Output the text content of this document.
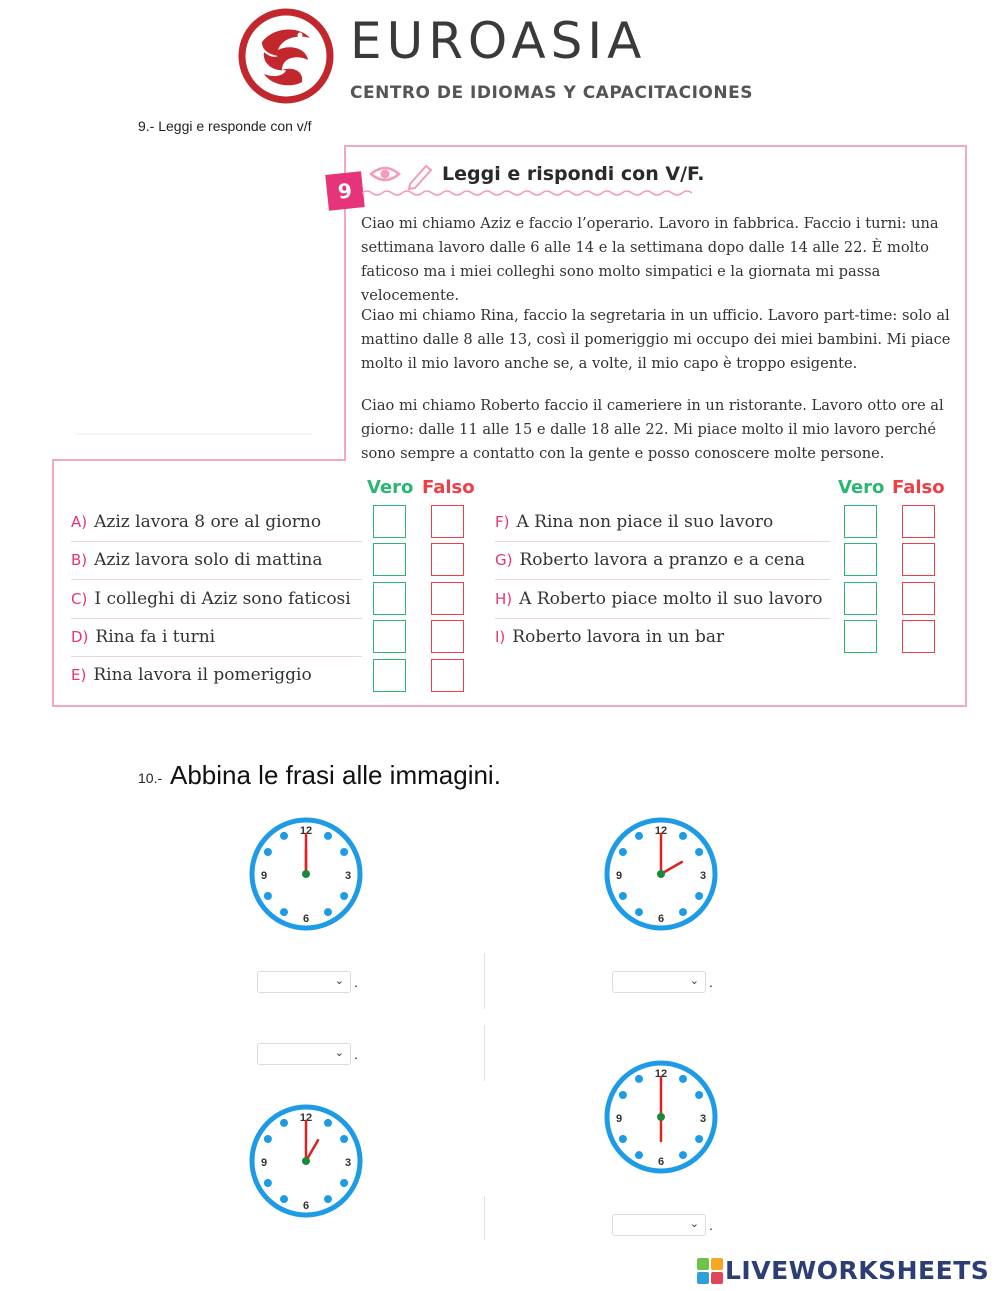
EUROASIA
CENTRO DE IDIOMAS Y CAPACITACIONES
9.- Leggi e responde con v/f
9
Leggi e rispondi con V/F.

Ciao mi chiamo Aziz e faccio l’operario. Lavoro in fabbrica. Faccio i turni: una settimana lavoro dalle 6 alle 14 e la settimana dopo dalle 14 alle 22. È molto faticoso ma i miei colleghi sono molto simpatici e la giornata mi passa velocemente.

Ciao mi chiamo Rina, faccio la segretaria in un ufficio. Lavoro part-time: solo al mattino dalle 8 alle 13, così il pomeriggio mi occupo dei miei bambini. Mi piace molto il mio lavoro anche se, a volte, il mio capo è troppo esigente.

Ciao mi chiamo Roberto faccio il cameriere in un ristorante. Lavoro otto ore al giorno: dalle 11 alle 15 e dalle 18 alle 22. Mi piace molto il mio lavoro perché sono sempre a contatto con la gente e posso conoscere molte persone.

Vero Falso	Vero Falso
A) Aziz lavora 8 ore al giorno
B) Aziz lavora solo di mattina
C) I colleghi di Aziz sono faticosi
D) Rina fa i turni
E) Rina lavora il pomeriggio
F) A Rina non piace il suo lavoro
G) Roberto lavora a pranzo e a cena
H) A Roberto piace molto il suo lavoro
I) Roberto lavora in un bar
10.- Abbina le frasi alle immagini.
12
3
6
9
12
3
6
9
12
3
6
9
12
3
6
9
⌄ .	⌄ .
⌄ .
⌄ .
LIVEWORKSHEETS
